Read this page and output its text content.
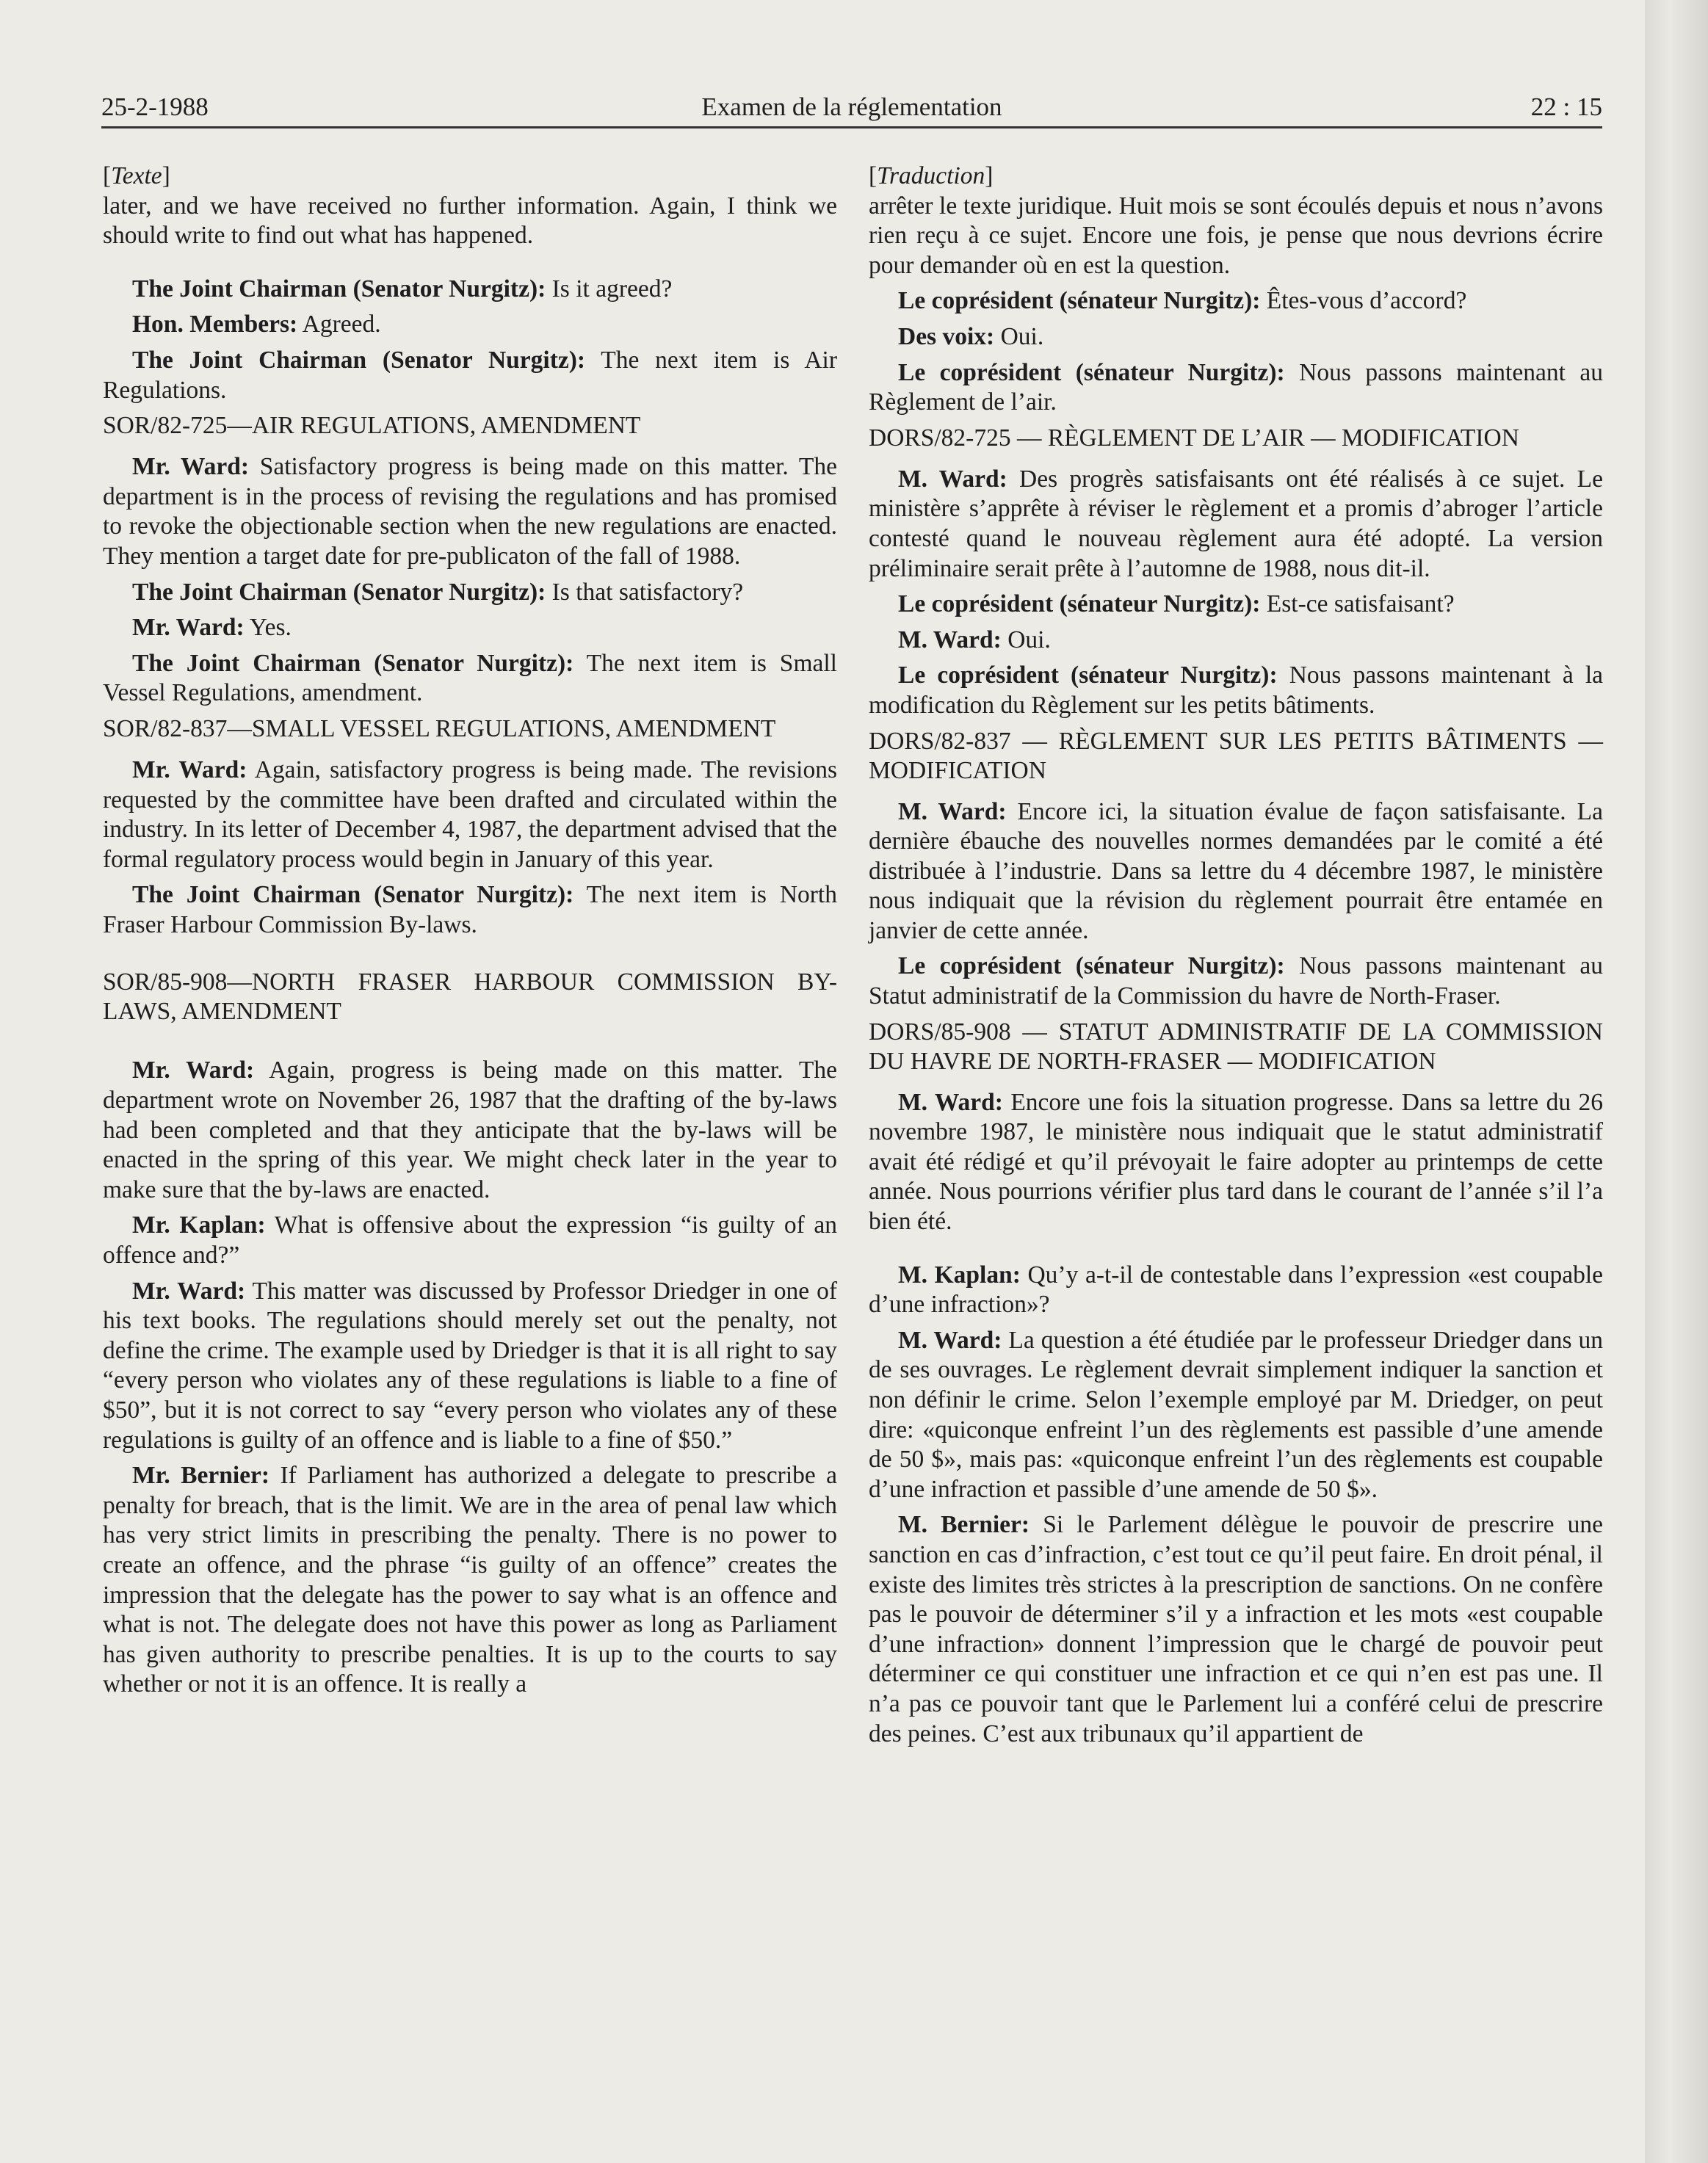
25-2-1988	Examen de la réglementation	22 : 15

[Texte]

later, and we have received no further information. Again, I think we should write to find out what has happened.

The Joint Chairman (Senator Nurgitz): Is it agreed?

Hon. Members: Agreed.

The Joint Chairman (Senator Nurgitz): The next item is Air Regulations.

SOR/82-725—AIR REGULATIONS, AMENDMENT

Mr. Ward: Satisfactory progress is being made on this matter. The department is in the process of revising the regulations and has promised to revoke the objectionable section when the new regulations are enacted. They mention a target date for pre-publicaton of the fall of 1988.

The Joint Chairman (Senator Nurgitz): Is that satisfactory?

Mr. Ward: Yes.

The Joint Chairman (Senator Nurgitz): The next item is Small Vessel Regulations, amendment.

SOR/82-837—SMALL VESSEL REGULATIONS, AMENDMENT

Mr. Ward: Again, satisfactory progress is being made. The revisions requested by the committee have been drafted and circulated within the industry. In its letter of December 4, 1987, the department advised that the formal regulatory process would begin in January of this year.

The Joint Chairman (Senator Nurgitz): The next item is North Fraser Harbour Commission By-laws.

SOR/85-908—NORTH FRASER HARBOUR COMMISSION BY-LAWS, AMENDMENT

Mr. Ward: Again, progress is being made on this matter. The department wrote on November 26, 1987 that the drafting of the by-laws had been completed and that they anticipate that the by-laws will be enacted in the spring of this year. We might check later in the year to make sure that the by-laws are enacted.

Mr. Kaplan: What is offensive about the expression “is guilty of an offence and?”

Mr. Ward: This matter was discussed by Professor Driedger in one of his text books. The regulations should merely set out the penalty, not define the crime. The example used by Driedger is that it is all right to say “every person who violates any of these regulations is liable to a fine of $50”, but it is not correct to say “every person who violates any of these regulations is guilty of an offence and is liable to a fine of $50.”

Mr. Bernier: If Parliament has authorized a delegate to prescribe a penalty for breach, that is the limit. We are in the area of penal law which has very strict limits in prescribing the penalty. There is no power to create an offence, and the phrase “is guilty of an offence” creates the impression that the delegate has the power to say what is an offence and what is not. The delegate does not have this power as long as Parliament has given authority to prescribe penalties. It is up to the courts to say whether or not it is an offence. It is really a

[Traduction]

arrêter le texte juridique. Huit mois se sont écoulés depuis et nous n’avons rien reçu à ce sujet. Encore une fois, je pense que nous devrions écrire pour demander où en est la question.

Le coprésident (sénateur Nurgitz): Êtes-vous d’accord?

Des voix: Oui.

Le coprésident (sénateur Nurgitz): Nous passons maintenant au Règlement de l’air.

DORS/82-725 — RÈGLEMENT DE L’AIR — MODIFICATION

M. Ward: Des progrès satisfaisants ont été réalisés à ce sujet. Le ministère s’apprête à réviser le règlement et a promis d’abroger l’article contesté quand le nouveau règlement aura été adopté. La version préliminaire serait prête à l’automne de 1988, nous dit-il.

Le coprésident (sénateur Nurgitz): Est-ce satisfaisant?

M. Ward: Oui.

Le coprésident (sénateur Nurgitz): Nous passons maintenant à la modification du Règlement sur les petits bâtiments.

DORS/82-837 — RÈGLEMENT SUR LES PETITS BÂTIMENTS — MODIFICATION

M. Ward: Encore ici, la situation évalue de façon satisfaisante. La dernière ébauche des nouvelles normes demandées par le comité a été distribuée à l’industrie. Dans sa lettre du 4 décembre 1987, le ministère nous indiquait que la révision du règlement pourrait être entamée en janvier de cette année.

Le coprésident (sénateur Nurgitz): Nous passons maintenant au Statut administratif de la Commission du havre de North-Fraser.

DORS/85-908 — STATUT ADMINISTRATIF DE LA COMMISSION DU HAVRE DE NORTH-FRASER — MODIFICATION

M. Ward: Encore une fois la situation progresse. Dans sa lettre du 26 novembre 1987, le ministère nous indiquait que le statut administratif avait été rédigé et qu’il prévoyait le faire adopter au printemps de cette année. Nous pourrions vérifier plus tard dans le courant de l’année s’il l’a bien été.

M. Kaplan: Qu’y a-t-il de contestable dans l’expression «est coupable d’une infraction»?

M. Ward: La question a été étudiée par le professeur Driedger dans un de ses ouvrages. Le règlement devrait simplement indiquer la sanction et non définir le crime. Selon l’exemple employé par M. Driedger, on peut dire: «quiconque enfreint l’un des règlements est passible d’une amende de 50 $», mais pas: «quiconque enfreint l’un des règlements est coupable d’une infraction et passible d’une amende de 50 $».

M. Bernier: Si le Parlement délègue le pouvoir de prescrire une sanction en cas d’infraction, c’est tout ce qu’il peut faire. En droit pénal, il existe des limites très strictes à la prescription de sanctions. On ne confère pas le pouvoir de déterminer s’il y a infraction et les mots «est coupable d’une infraction» donnent l’impression que le chargé de pouvoir peut déterminer ce qui constituer une infraction et ce qui n’en est pas une. Il n’a pas ce pouvoir tant que le Parlement lui a conféré celui de prescrire des peines. C’est aux tribunaux qu’il appartient de
